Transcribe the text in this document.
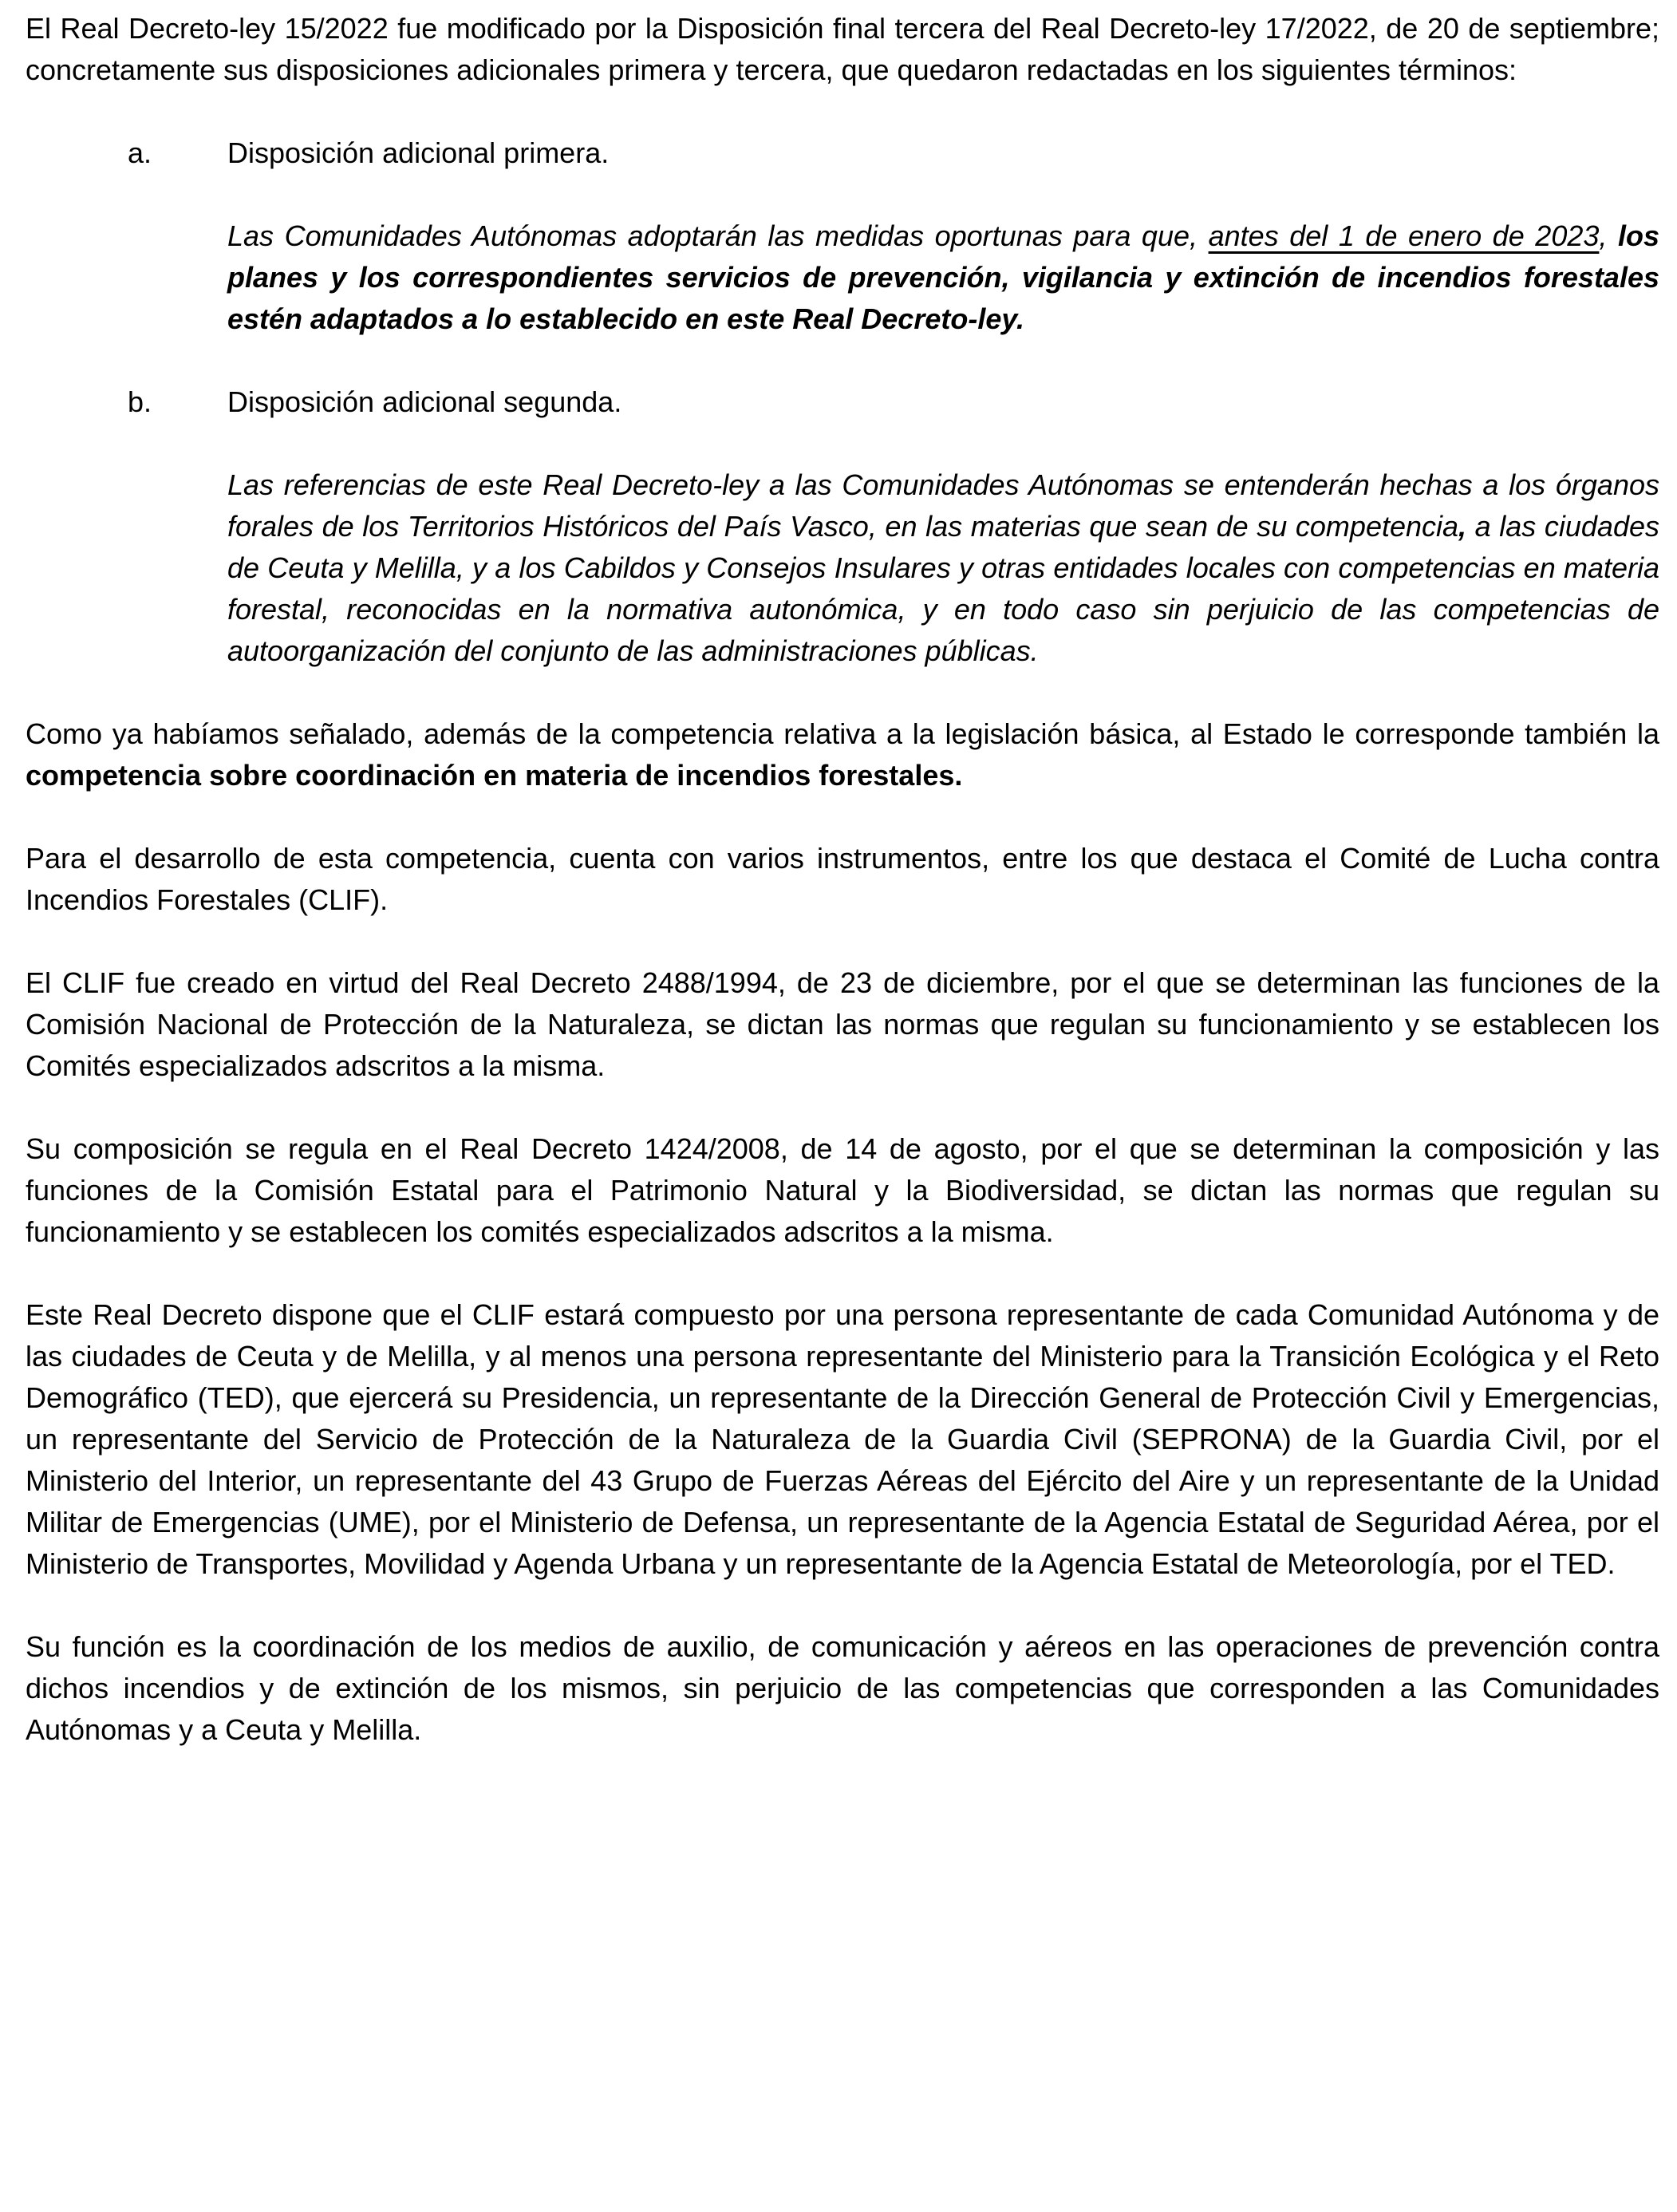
El Real Decreto-ley 15/2022 fue modificado por la Disposición final tercera del Real Decreto-ley 17/2022, de 20 de septiembre; concretamente sus disposiciones adicionales primera y tercera, que quedaron redactadas en los siguientes términos:

a.	Disposición adicional primera.

Las Comunidades Autónomas adoptarán las medidas oportunas para que, antes del 1 de enero de 2023, los planes y los correspondientes servicios de prevención, vigilancia y extinción de incendios forestales estén adaptados a lo establecido en este Real Decreto-ley.

b.	Disposición adicional segunda.

Las referencias de este Real Decreto-ley a las Comunidades Autónomas se entenderán hechas a los órganos forales de los Territorios Históricos del País Vasco, en las materias que sean de su competencia, a las ciudades de Ceuta y Melilla, y a los Cabildos y Consejos Insulares y otras entidades locales con competencias en materia forestal, reconocidas en la normativa autonómica, y en todo caso sin perjuicio de las competencias de autoorganización del conjunto de las administraciones públicas.

Como ya habíamos señalado, además de la competencia relativa a la legislación básica, al Estado le corresponde también la competencia sobre coordinación en materia de incendios forestales.

Para el desarrollo de esta competencia, cuenta con varios instrumentos, entre los que destaca el Comité de Lucha contra Incendios Forestales (CLIF).

El CLIF fue creado en virtud del Real Decreto 2488/1994, de 23 de diciembre, por el que se determinan las funciones de la Comisión Nacional de Protección de la Naturaleza, se dictan las normas que regulan su funcionamiento y se establecen los Comités especializados adscritos a la misma.

Su composición se regula en el Real Decreto 1424/2008, de 14 de agosto, por el que se determinan la composición y las funciones de la Comisión Estatal para el Patrimonio Natural y la Biodiversidad, se dictan las normas que regulan su funcionamiento y se establecen los comités especializados adscritos a la misma.

Este Real Decreto dispone que el CLIF estará compuesto por una persona representante de cada Comunidad Autónoma y de las ciudades de Ceuta y de Melilla, y al menos una persona representante del Ministerio para la Transición Ecológica y el Reto Demográfico (TED), que ejercerá su Presidencia, un representante de la Dirección General de Protección Civil y Emergencias, un representante del Servicio de Protección de la Naturaleza de la Guardia Civil (SEPRONA) de la Guardia Civil, por el Ministerio del Interior, un representante del 43 Grupo de Fuerzas Aéreas del Ejército del Aire y un representante de la Unidad Militar de Emergencias (UME), por el Ministerio de Defensa, un representante de la Agencia Estatal de Seguridad Aérea, por el Ministerio de Transportes, Movilidad y Agenda Urbana y un representante de la Agencia Estatal de Meteorología, por el TED.

Su función es la coordinación de los medios de auxilio, de comunicación y aéreos en las operaciones de prevención contra dichos incendios y de extinción de los mismos, sin perjuicio de las competencias que corresponden a las Comunidades Autónomas y a Ceuta y Melilla.
